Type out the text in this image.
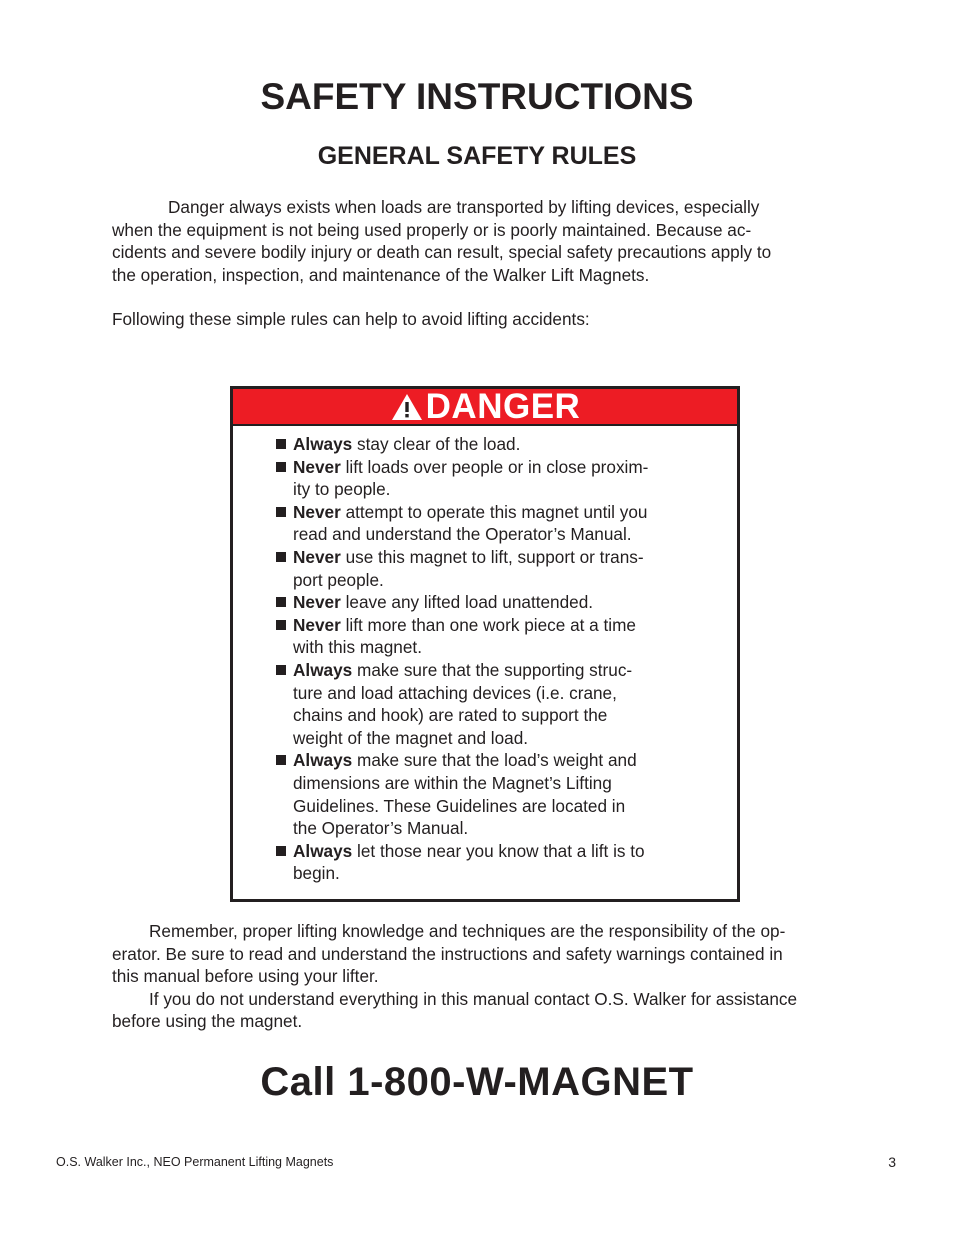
SAFETY INSTRUCTIONS
GENERAL SAFETY RULES

Danger always exists when loads are transported by lifting devices, especially
when the equipment is not being used properly or is poorly maintained. Because ac-
cidents and severe bodily injury or death can result, special safety precautions apply to
the operation, inspection, and maintenance of the Walker Lift Magnets.

Following these simple rules can help to avoid lifting accidents:

DANGER
Always stay clear of the load.
Never lift loads over people or in close proxim-
ity to people.
Never attempt to operate this magnet until you
read and understand the Operator’s Manual.
Never use this magnet to lift, support or trans-
port people.
Never leave any lifted load unattended.
Never lift more than one work piece at a time
with this magnet.
Always make sure that the supporting struc-
ture and load attaching devices (i.e. crane,
chains and hook) are rated to support the
weight of the magnet and load.
Always make sure that the load’s weight and
dimensions are within the Magnet’s Lifting
Guidelines. These Guidelines are located in
the Operator’s Manual.
Always let those near you know that a lift is to
begin.

Remember, proper lifting knowledge and techniques are the responsibility of the op-
erator. Be sure to read and understand the instructions and safety warnings contained in
this manual before using your lifter.
If you do not understand everything in this manual contact O.S. Walker for assistance
before using the magnet.

Call 1-800-W-MAGNET
O.S. Walker Inc., NEO Permanent Lifting Magnets	3
